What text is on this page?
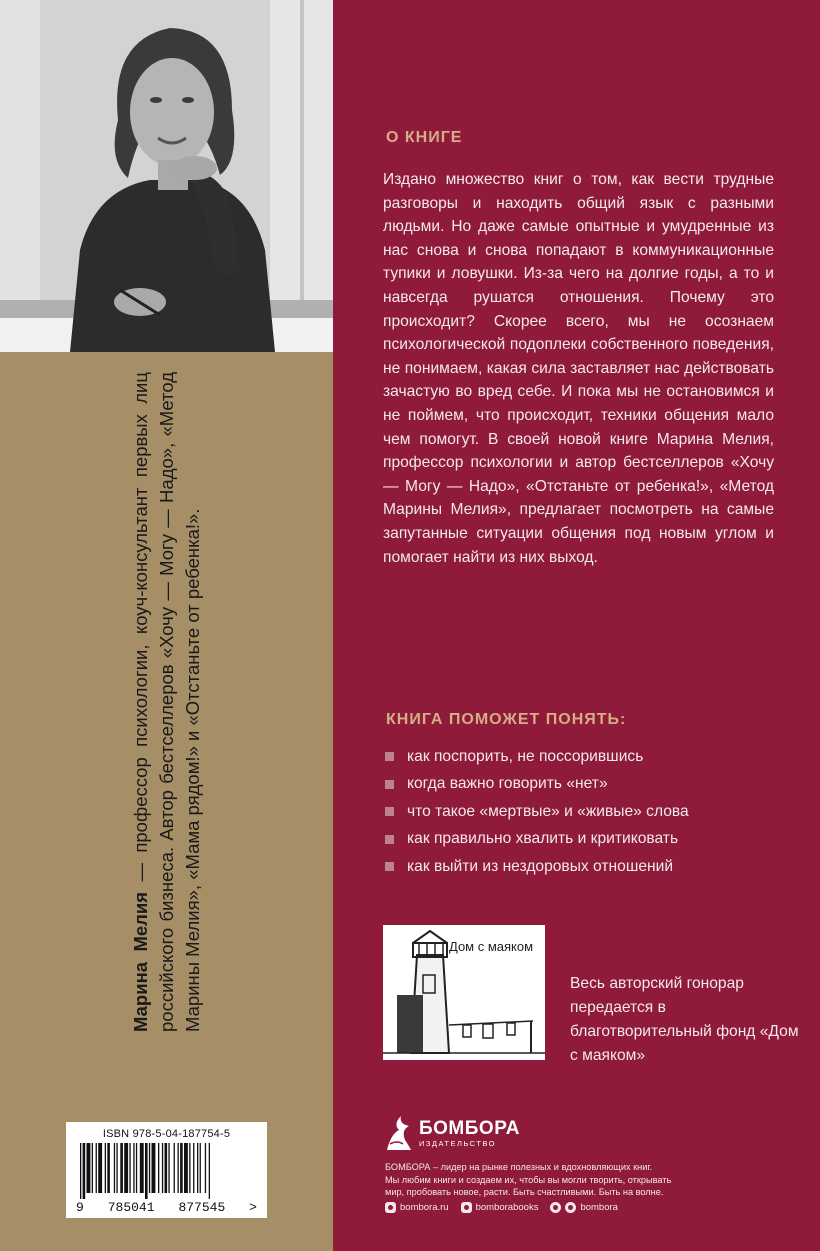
Марина Мелия — профессор психологии, коуч-консультант первых лиц российского бизнеса. Автор бестселлеров «Хочу — Могу — Надо», «Метод Марины Мелия», «Мама рядом!» и «Отстаньте от ребенка!».
ISBN 978-5-04-187754-5
9 785041 877545 >
О КНИГЕ

Издано множество книг о том, как вести трудные разговоры и находить общий язык с разными людьми. Но даже самые опытные и умудренные из нас снова и снова попадают в коммуникационные тупики и ловушки. Из-за чего на долгие годы, а то и навсегда рушатся отношения. Почему это происходит? Скорее всего, мы не осознаем психологической подоплеки собственного поведения, не понимаем, какая сила заставляет нас действовать зачастую во вред себе. И пока мы не остановимся и не поймем, что происходит, техники общения мало чем помогут. В своей новой книге Марина Мелия, профессор психологии и автор бестселлеров «Хочу — Могу — Надо», «Отстаньте от ребенка!», «Метод Марины Мелия», предлагает посмотреть на самые запутанные ситуации общения под новым углом и помогает найти из них выход.

КНИГА ПОМОЖЕТ ПОНЯТЬ:
как поспорить, не поссорившись
когда важно говорить «нет»
что такое «мертвые» и «живые» слова
как правильно хвалить и критиковать
как выйти из нездоровых отношений
Дом с маяком

Весь авторский гонорар передается в благотворительный фонд «Дом с маяком»

БОМБОРА
ИЗДАТЕЛЬСТВО
БОМБОРА – лидер на рынке полезных и вдохновляющих книг.
Мы любим книги и создаем их, чтобы вы могли творить, открывать
мир, пробовать новое, расти. Быть счастливыми. Быть на волне.
bombora.ru	bomborabooks	bombora
